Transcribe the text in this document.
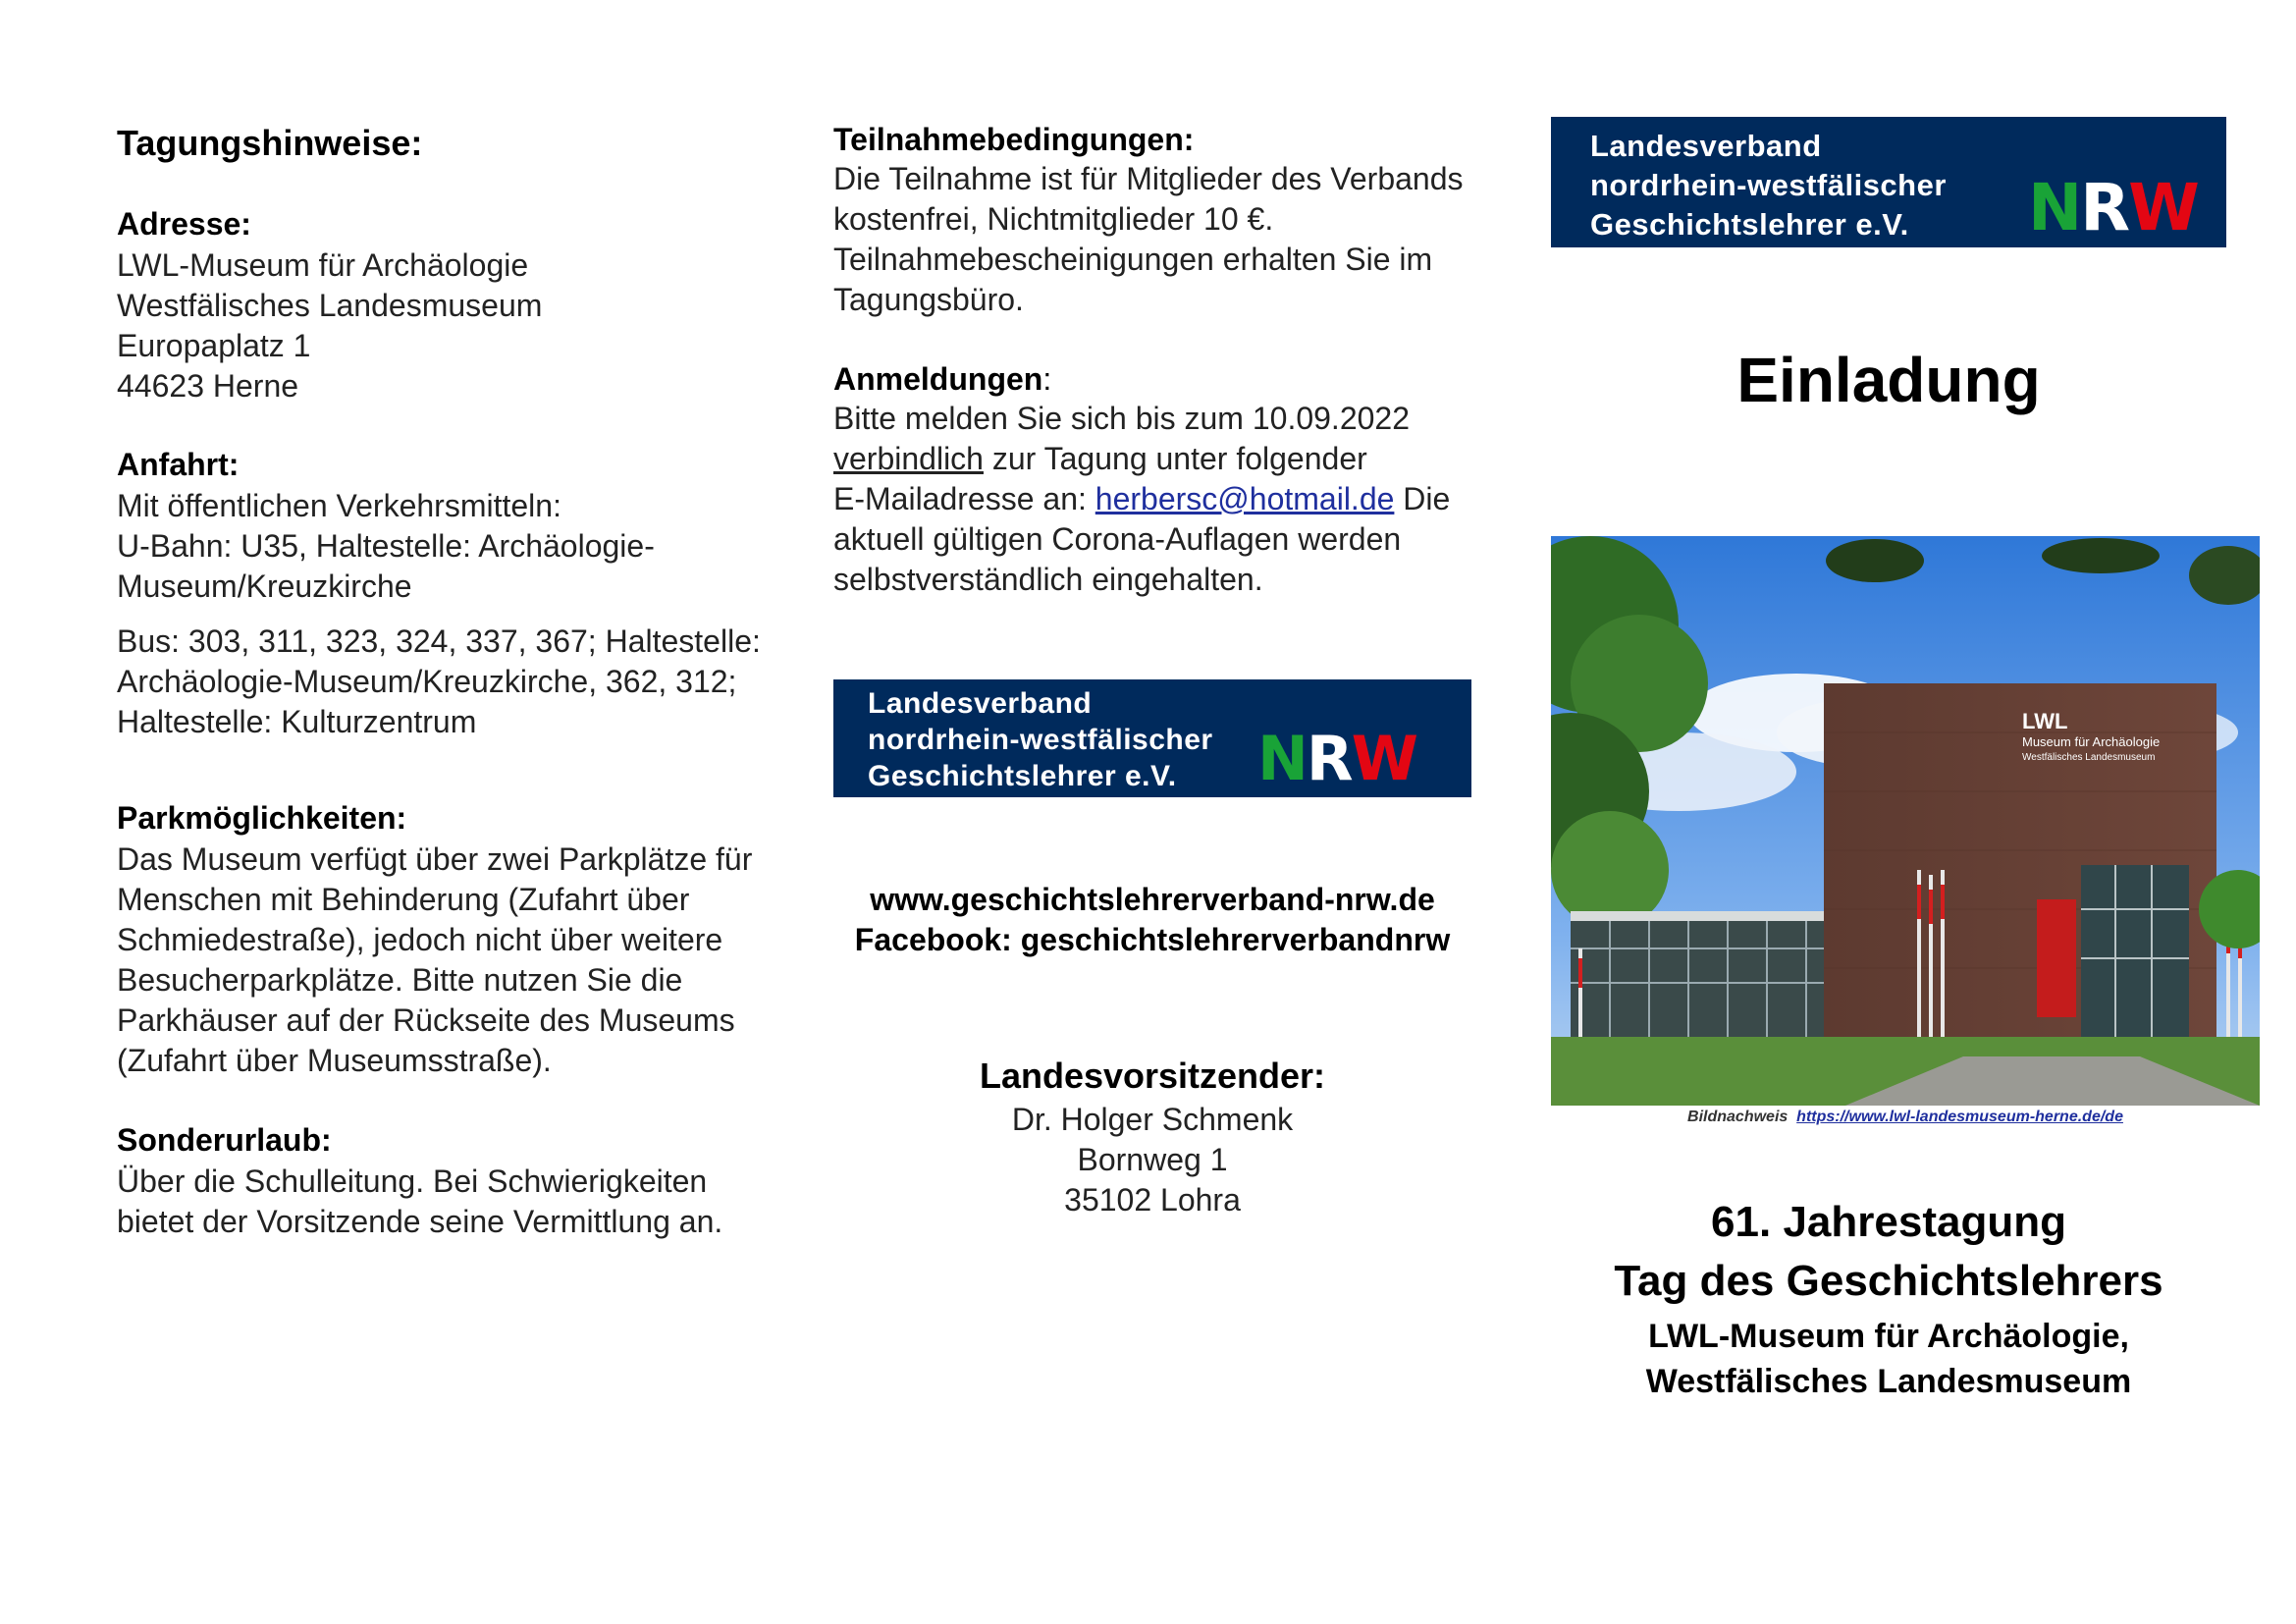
Tagungshinweise:
Adresse:
LWL-Museum für Archäologie
Westfälisches Landesmuseum
Europaplatz 1
44623 Herne
Anfahrt:
Mit öffentlichen Verkehrsmitteln:
U-Bahn: U35, Haltestelle: Archäologie-
Museum/Kreuzkirche
Bus: 303, 311, 323, 324, 337, 367; Haltestelle:
Archäologie-Museum/Kreuzkirche, 362, 312;
Haltestelle: Kulturzentrum
Parkmöglichkeiten:
Das Museum verfügt über zwei Parkplätze für
Menschen mit Behinderung (Zufahrt über
Schmiedestraße), jedoch nicht über weitere
Besucherparkplätze. Bitte nutzen Sie die
Parkhäuser auf der Rückseite des Museums
(Zufahrt über Museumsstraße).
Sonderurlaub:
Über die Schulleitung. Bei Schwierigkeiten
bietet der Vorsitzende seine Vermittlung an.
Teilnahmebedingungen:
Die Teilnahme ist für Mitglieder des Verbands
kostenfrei, Nichtmitglieder 10 €.
Teilnahmebescheinigungen erhalten Sie im
Tagungsbüro.
Anmeldungen:
Bitte melden Sie sich bis zum 10.09.2022
verbindlich zur Tagung unter folgender
E-Mailadresse an: herbersc@hotmail.de Die
aktuell gültigen Corona-Auflagen werden
selbstverständlich eingehalten.
Landesverband
nordrhein-westfälischer
Geschichtslehrer e.V. NRW
www.geschichtslehrerverband-nrw.de
Facebook: geschichtslehrerverbandnrw
Landesvorsitzender:
Dr. Holger Schmenk
Bornweg 1
35102 Lohra
Landesverband
nordrhein-westfälischer
Geschichtslehrer e.V. NRW
Einladung
LWL
Museum für Archäologie
Westfälisches Landesmuseum
Bildnachweis https://www.lwl-landesmuseum-herne.de/de
61. Jahrestagung
Tag des Geschichtslehrers
LWL-Museum für Archäologie,
Westfälisches Landesmuseum
